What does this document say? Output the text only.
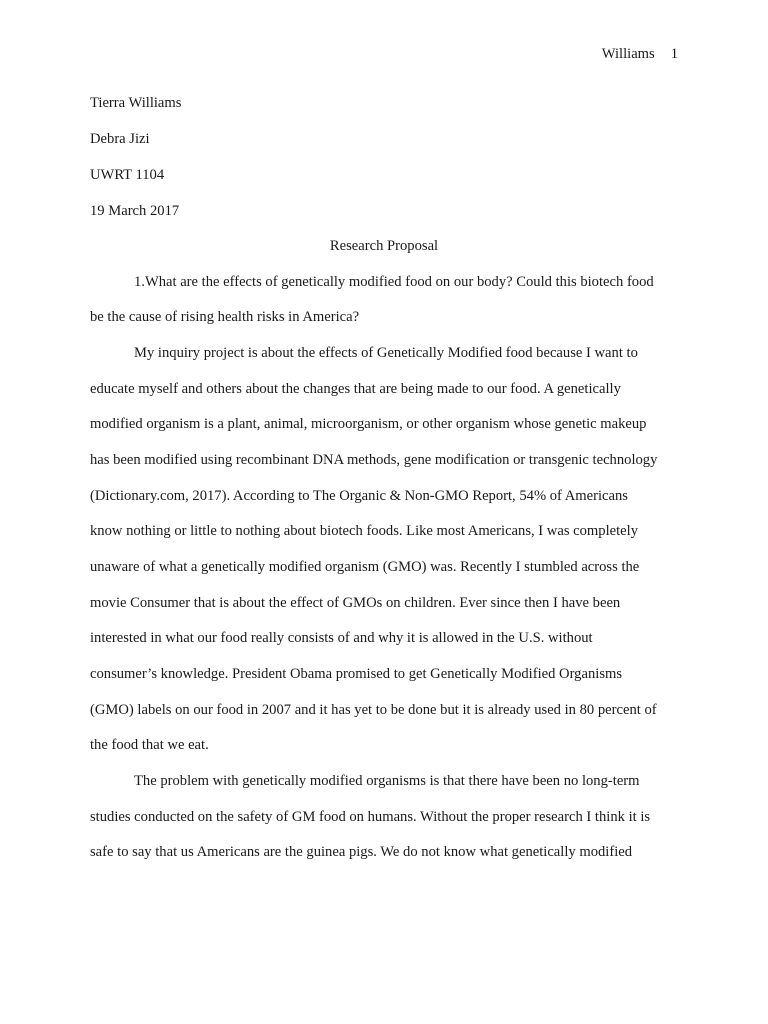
Williams 1
Tierra Williams
Debra Jizi
UWRT 1104
19 March 2017
Research Proposal
1.What are the effects of genetically modified food on our body? Could this biotech food
be the cause of rising health risks in America?
My inquiry project is about the effects of Genetically Modified food because I want to
educate myself and others about the changes that are being made to our food. A genetically
modified organism is a plant, animal, microorganism, or other organism whose genetic makeup
has been modified using recombinant DNA methods, gene modification or transgenic technology
(Dictionary.com, 2017). According to The Organic & Non-GMO Report, 54% of Americans
know nothing or little to nothing about biotech foods. Like most Americans, I was completely
unaware of what a genetically modified organism (GMO) was. Recently I stumbled across the
movie Consumer that is about the effect of GMOs on children. Ever since then I have been
interested in what our food really consists of and why it is allowed in the U.S. without
consumer’s knowledge. President Obama promised to get Genetically Modified Organisms
(GMO) labels on our food in 2007 and it has yet to be done but it is already used in 80 percent of
the food that we eat.
The problem with genetically modified organisms is that there have been no long-term
studies conducted on the safety of GM food on humans. Without the proper research I think it is
safe to say that us Americans are the guinea pigs. We do not know what genetically modified
